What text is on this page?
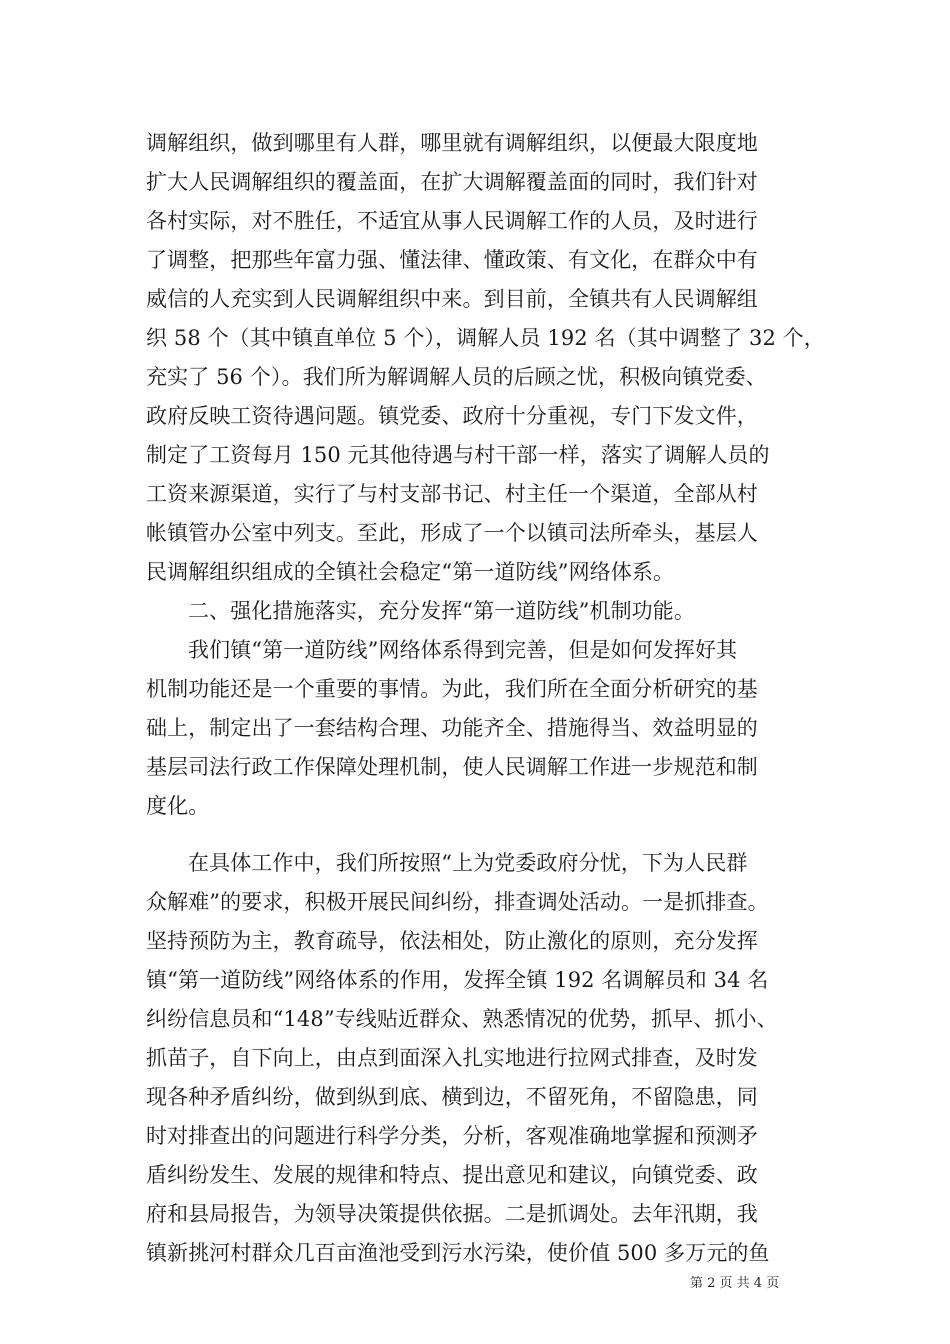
调解组织，做到哪里有人群，哪里就有调解组织，以便最大限度地
扩大人民调解组织的覆盖面，在扩大调解覆盖面的同时，我们针对
各村实际，对不胜任，不适宜从事人民调解工作的人员，及时进行
了调整，把那些年富力强、懂法律、懂政策、有文化，在群众中有
威信的人充实到人民调解组织中来。到目前，全镇共有人民调解组
织 58 个（其中镇直单位 5 个），调解人员 192 名（其中调整了 32 个，
充实了 56 个）。我们所为解调解人员的后顾之忧，积极向镇党委、
政府反映工资待遇问题。镇党委、政府十分重视，专门下发文件，
制定了工资每月 150 元其他待遇与村干部一样，落实了调解人员的
工资来源渠道，实行了与村支部书记、村主任一个渠道，全部从村
帐镇管办公室中列支。至此，形成了一个以镇司法所牵头，基层人
民调解组织组成的全镇社会稳定“第一道防线”网络体系。

二、强化措施落实，充分发挥“第一道防线”机制功能。

我们镇“第一道防线”网络体系得到完善，但是如何发挥好其
机制功能还是一个重要的事情。为此，我们所在全面分析研究的基
础上，制定出了一套结构合理、功能齐全、措施得当、效益明显的
基层司法行政工作保障处理机制，使人民调解工作进一步规范和制
度化。

在具体工作中，我们所按照“上为党委政府分忧，下为人民群
众解难”的要求，积极开展民间纠纷，排查调处活动。一是抓排查。
坚持预防为主，教育疏导，依法相处，防止激化的原则，充分发挥
镇“第一道防线”网络体系的作用，发挥全镇 192 名调解员和 34 名
纠纷信息员和“148”专线贴近群众、熟悉情况的优势，抓早、抓小、
抓苗子，自下向上，由点到面深入扎实地进行拉网式排查，及时发
现各种矛盾纠纷，做到纵到底、横到边，不留死角，不留隐患，同
时对排查出的问题进行科学分类，分析，客观准确地掌握和预测矛
盾纠纷发生、发展的规律和特点、提出意见和建议，向镇党委、政
府和县局报告，为领导决策提供依据。二是抓调处。去年汛期，我
镇新挑河村群众几百亩渔池受到污水污染，使价值 500 多万元的鱼

第 2 页 共 4 页
